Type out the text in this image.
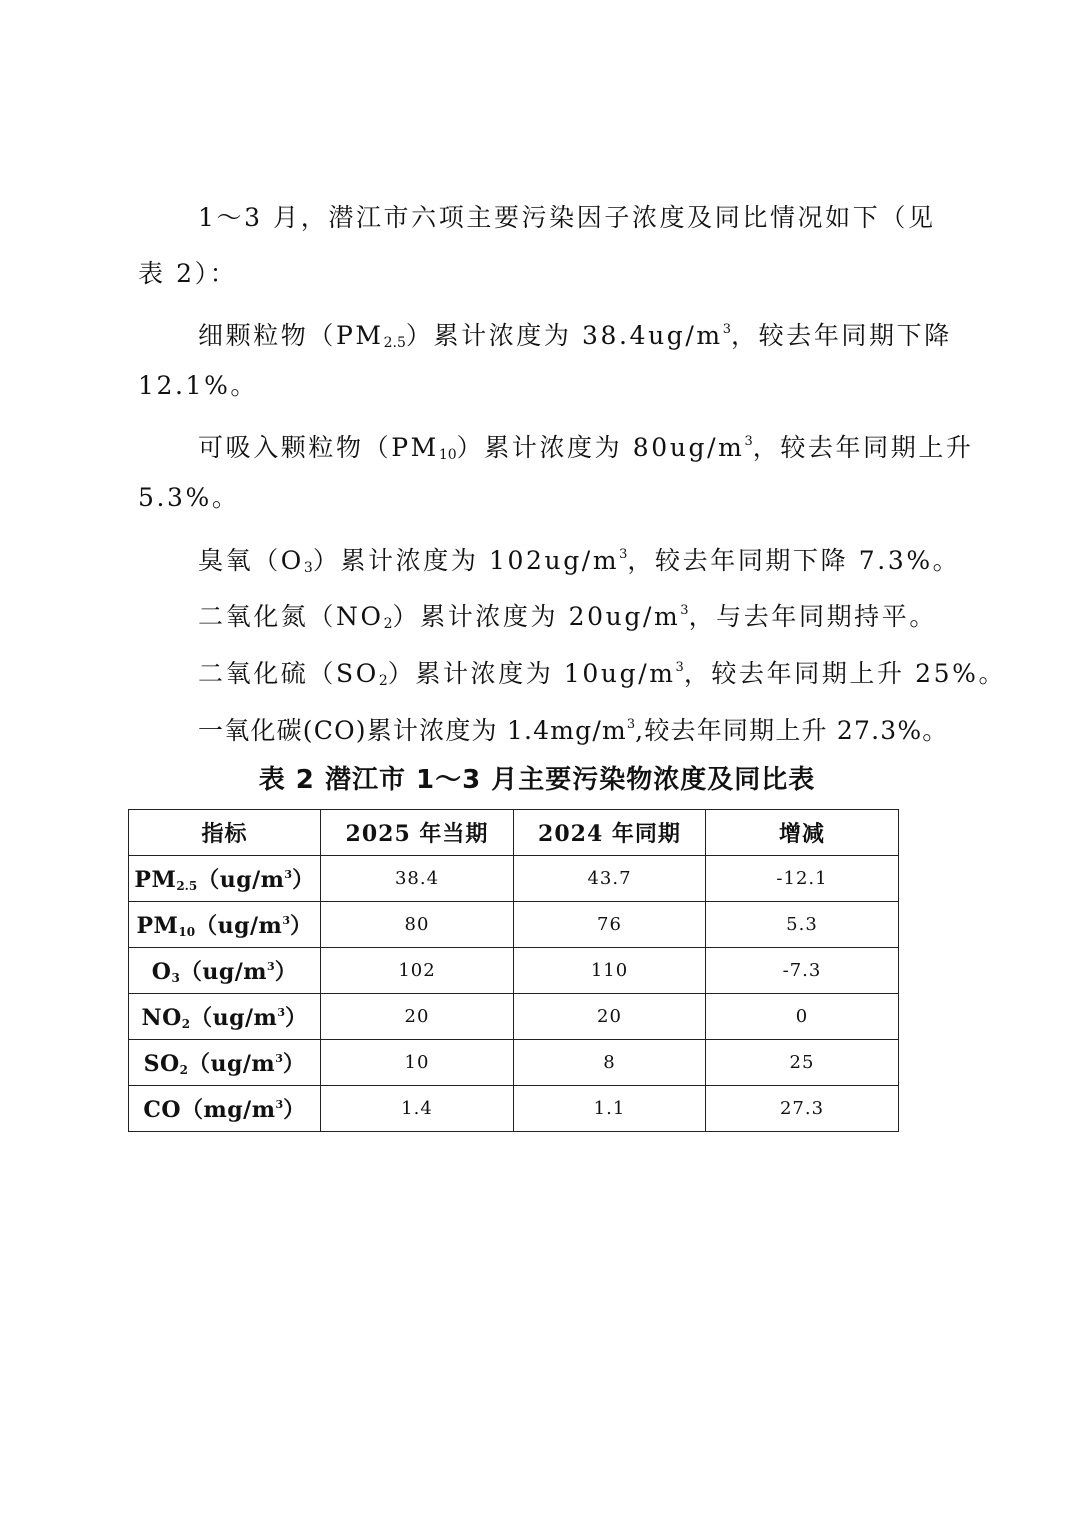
1～3 月，潜江市六项主要污染因子浓度及同比情况如下（见
表 2）：
细颗粒物$(PM_{2.5})$累计浓度为 $38.4ug/m^3$，较去年同期下降
12.1%。
可吸入颗粒物$(PM_{10})$累计浓度为 $80ug/m^3$，较去年同期上升
5.3%。
臭氧$(O_3)$累计浓度为 $102ug/m^3$，较去年同期下降 7.3%。
二氧化氮$(NO_2)$累计浓度为 $20ug/m^3$，与去年同期持平。
二氧化硫$(SO_2)$累计浓度为 $10ug/m^3$，较去年同期上升 25%。
一氧化碳(CO)累计浓度为 $1.4mg/m^3$,较去年同期上升 27.3%。
表 2 潜江市 1～3 月主要污染物浓度及同比表
指标	2025 年当期	2024 年同期	增减
$PM_{2.5}(ug/m^3)$	38.4	43.7	-12.1
$PM_{10}(ug/m^3)$	80	76	5.3
$O_3(ug/m^3)$	102	110	-7.3
$NO_2(ug/m^3)$	20	20	0
$SO_2(ug/m^3)$	10	8	25
$CO(mg/m^3)$	1.4	1.1	27.3
